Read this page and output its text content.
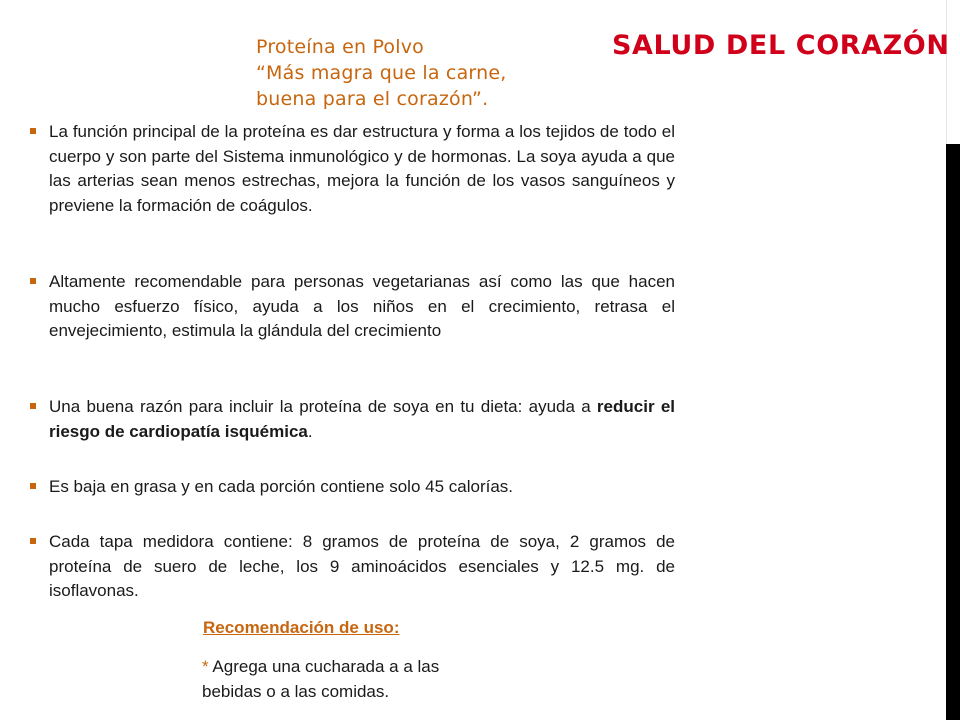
Proteína en Polvo
“Más magra que la carne,
buena para el corazón”.
SALUD DEL CORAZÓN

La función principal de la proteína es dar estructura y forma a los tejidos de todo el cuerpo y son parte del Sistema inmunológico y de hormonas. La soya ayuda a que las arterias sean menos estrechas, mejora la función de los vasos sanguíneos y previene la formación de coágulos.

Altamente recomendable para personas vegetarianas así como las que hacen mucho esfuerzo físico, ayuda a los niños en el crecimiento, retrasa el envejecimiento, estimula la glándula del crecimiento

Una buena razón para incluir la proteína de soya en tu dieta: ayuda a reducir el riesgo de cardiopatía isquémica.

Es baja en grasa y en cada porción contiene solo 45 calorías.

Cada tapa medidora contiene: 8 gramos de proteína de soya, 2 gramos de proteína de suero de leche, los 9 aminoácidos esenciales y 12.5 mg. de isoflavonas.

Recomendación de uso:
* Agrega una cucharada a a las bebidas o a las comidas.
